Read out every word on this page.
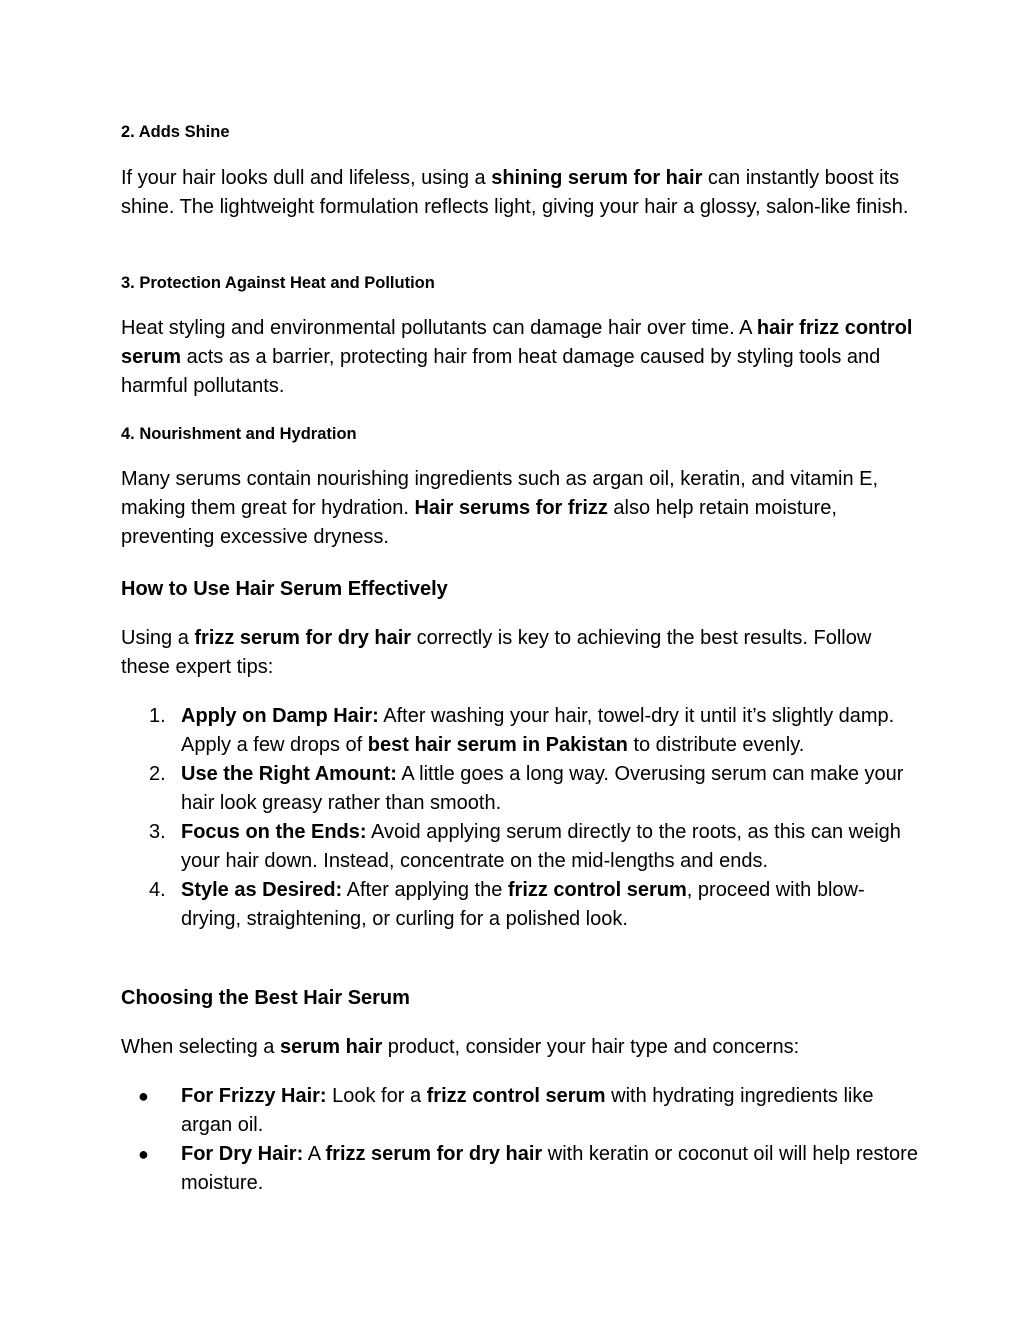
2. Adds Shine

If your hair looks dull and lifeless, using a shining serum for hair can instantly boost its shine. The lightweight formulation reflects light, giving your hair a glossy, salon-like finish.

3. Protection Against Heat and Pollution

Heat styling and environmental pollutants can damage hair over time. A hair frizz control serum acts as a barrier, protecting hair from heat damage caused by styling tools and harmful pollutants.

4. Nourishment and Hydration

Many serums contain nourishing ingredients such as argan oil, keratin, and vitamin E, making them great for hydration. Hair serums for frizz also help retain moisture, preventing excessive dryness.

How to Use Hair Serum Effectively

Using a frizz serum for dry hair correctly is key to achieving the best results. Follow these expert tips:

1. Apply on Damp Hair: After washing your hair, towel-dry it until it’s slightly damp. Apply a few drops of best hair serum in Pakistan to distribute evenly.
2. Use the Right Amount: A little goes a long way. Overusing serum can make your hair look greasy rather than smooth.
3. Focus on the Ends: Avoid applying serum directly to the roots, as this can weigh your hair down. Instead, concentrate on the mid-lengths and ends.
4. Style as Desired: After applying the frizz control serum, proceed with blow-drying, straightening, or curling for a polished look.
Choosing the Best Hair Serum

When selecting a serum hair product, consider your hair type and concerns:

●	For Frizzy Hair: Look for a frizz control serum with hydrating ingredients like argan oil.
●	For Dry Hair: A frizz serum for dry hair with keratin or coconut oil will help restore moisture.
